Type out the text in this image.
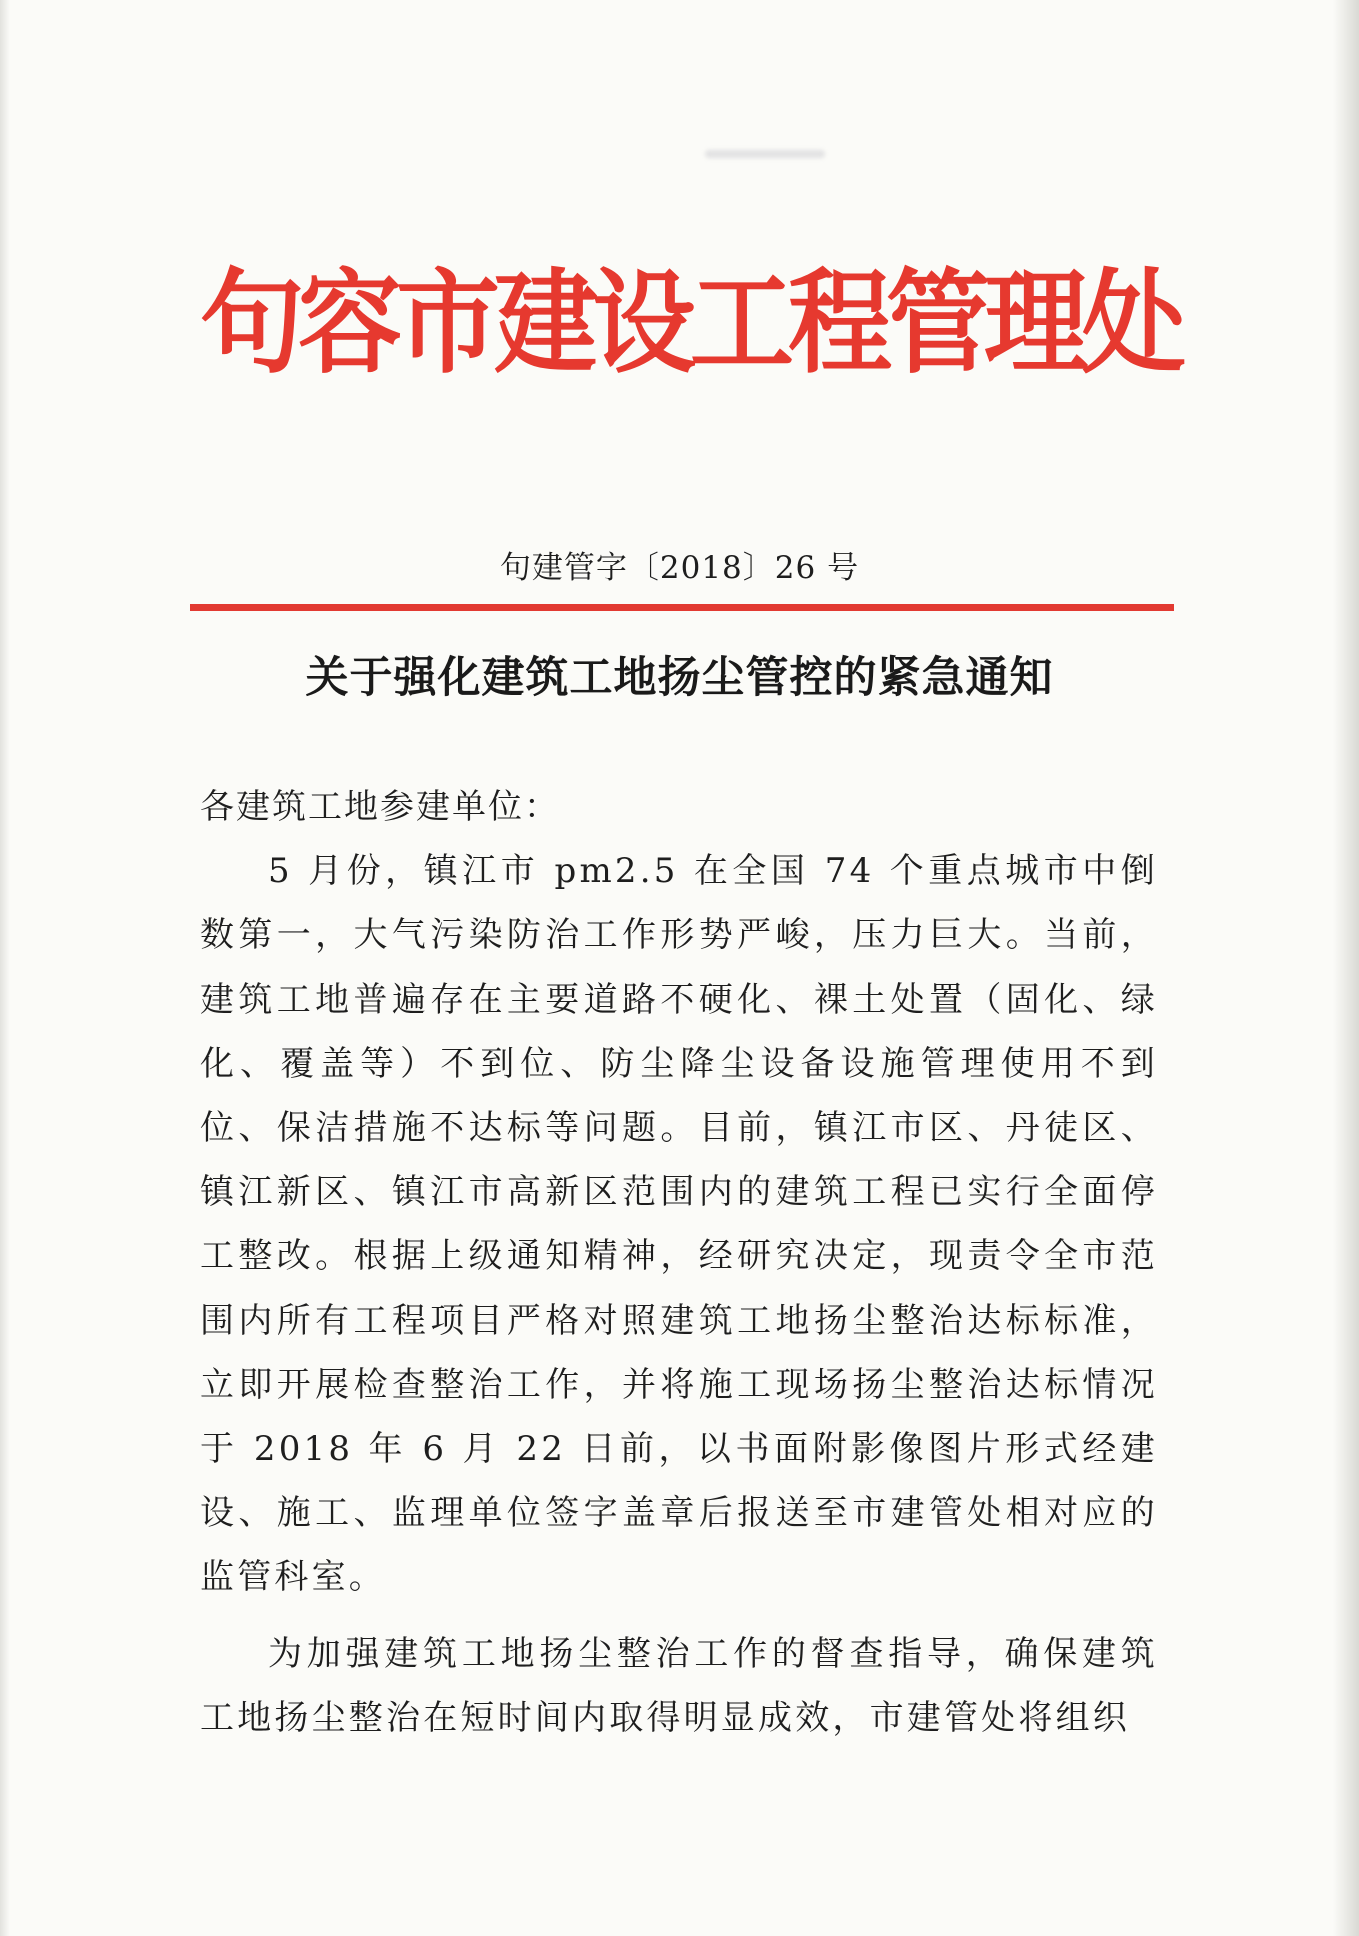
句容市建设工程管理处
句建管字〔2018〕26 号
关于强化建筑工地扬尘管控的紧急通知

各建筑工地参建单位：

5 月份，镇江市 pm2.5 在全国 74 个重点城市中倒数第一，大气污染防治工作形势严峻，压力巨大。当前，建筑工地普遍存在主要道路不硬化、裸土处置（固化、绿化、覆盖等）不到位、防尘降尘设备设施管理使用不到位、保洁措施不达标等问题。目前，镇江市区、丹徒区、镇江新区、镇江市高新区范围内的建筑工程已实行全面停工整改。根据上级通知精神，经研究决定，现责令全市范围内所有工程项目严格对照建筑工地扬尘整治达标标准，立即开展检查整治工作，并将施工现场扬尘整治达标情况于 2018 年 6 月 22 日前，以书面附影像图片形式经建设、施工、监理单位签字盖章后报送至市建管处相对应的监管科室。

为加强建筑工地扬尘整治工作的督查指导，确保建筑工地扬尘整治在短时间内取得明显成效，市建管处将组织
